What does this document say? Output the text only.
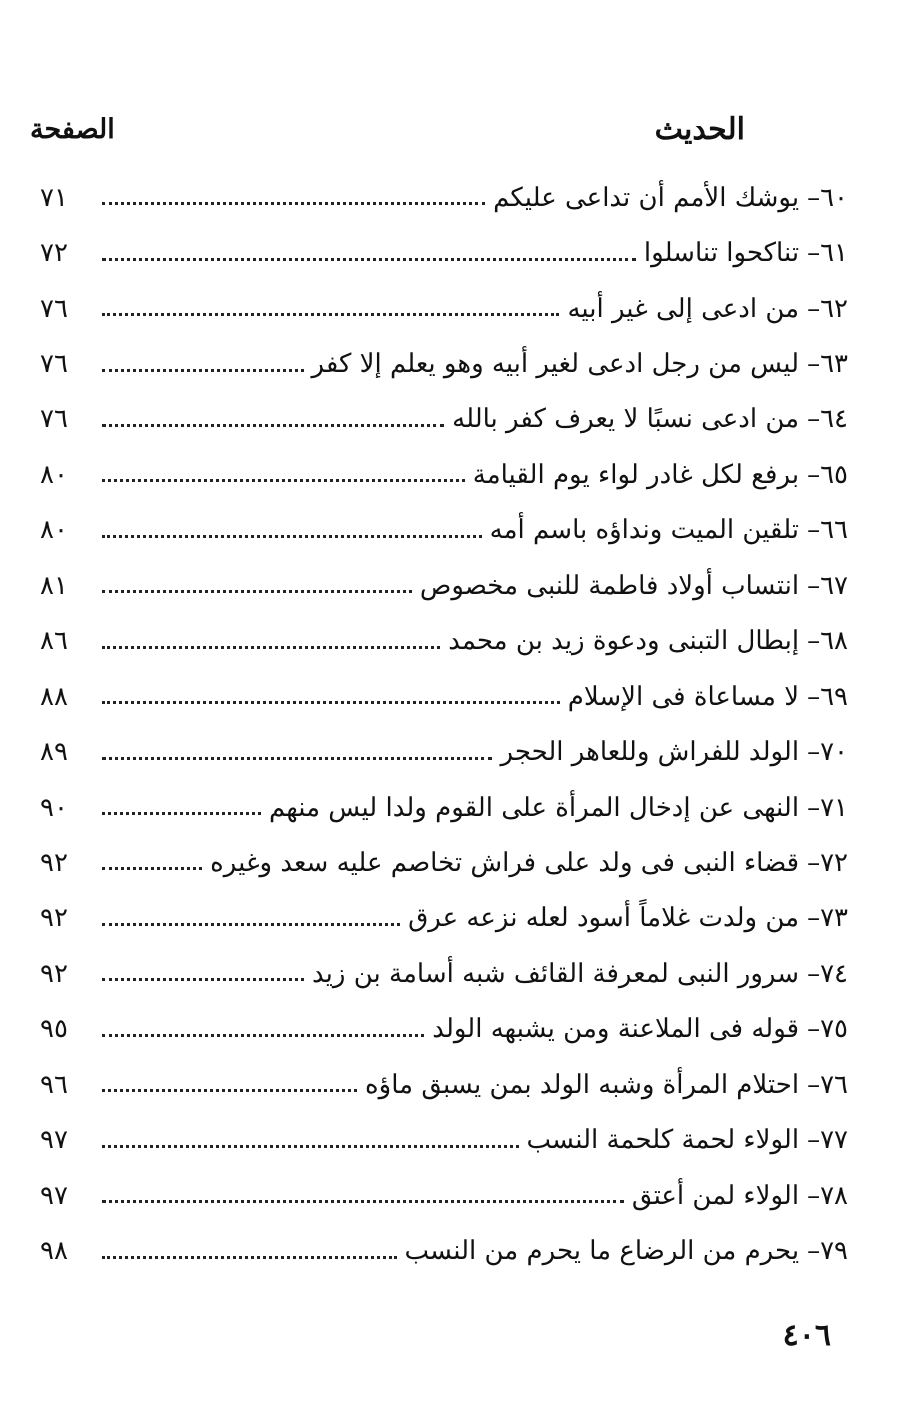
الحديث
الصفحة
٦٠–
يوشك الأمم أن تداعى عليكم
٧١
٦١–
تناكحوا تناسلوا
٧٢
٦٢–
من ادعى إلى غير أبيه
٧٦
٦٣–
ليس من رجل ادعى لغير أبيه وهو يعلم إلا كفر
٧٦
٦٤–
من ادعى نسبًا لا يعرف كفر بالله
٧٦
٦٥–
برفع لكل غادر لواء يوم القيامة
٨٠
٦٦–
تلقين الميت ونداؤه باسم أمه
٨٠
٦٧–
انتساب أولاد فاطمة للنبى مخصوص
٨١
٦٨–
إبطال التبنى ودعوة زيد بن محمد
٨٦
٦٩–
لا مساعاة فى الإسلام
٨٨
٧٠–
الولد للفراش وللعاهر الحجر
٨٩
٧١–
النهى عن إدخال المرأة على القوم ولدا ليس منهم
٩٠
٧٢–
قضاء النبى فى ولد على فراش تخاصم عليه سعد وغيره
٩٢
٧٣–
من ولدت غلاماً أسود لعله نزعه عرق
٩٢
٧٤–
سرور النبى لمعرفة القائف شبه أسامة بن زيد
٩٢
٧٥–
قوله فى الملاعنة ومن يشبهه الولد
٩٥
٧٦–
احتلام المرأة وشبه الولد بمن يسبق ماؤه
٩٦
٧٧–
الولاء لحمة كلحمة النسب
٩٧
٧٨–
الولاء لمن أعتق
٩٧
٧٩–
يحرم من الرضاع ما يحرم من النسب
٩٨
٤٠٦
